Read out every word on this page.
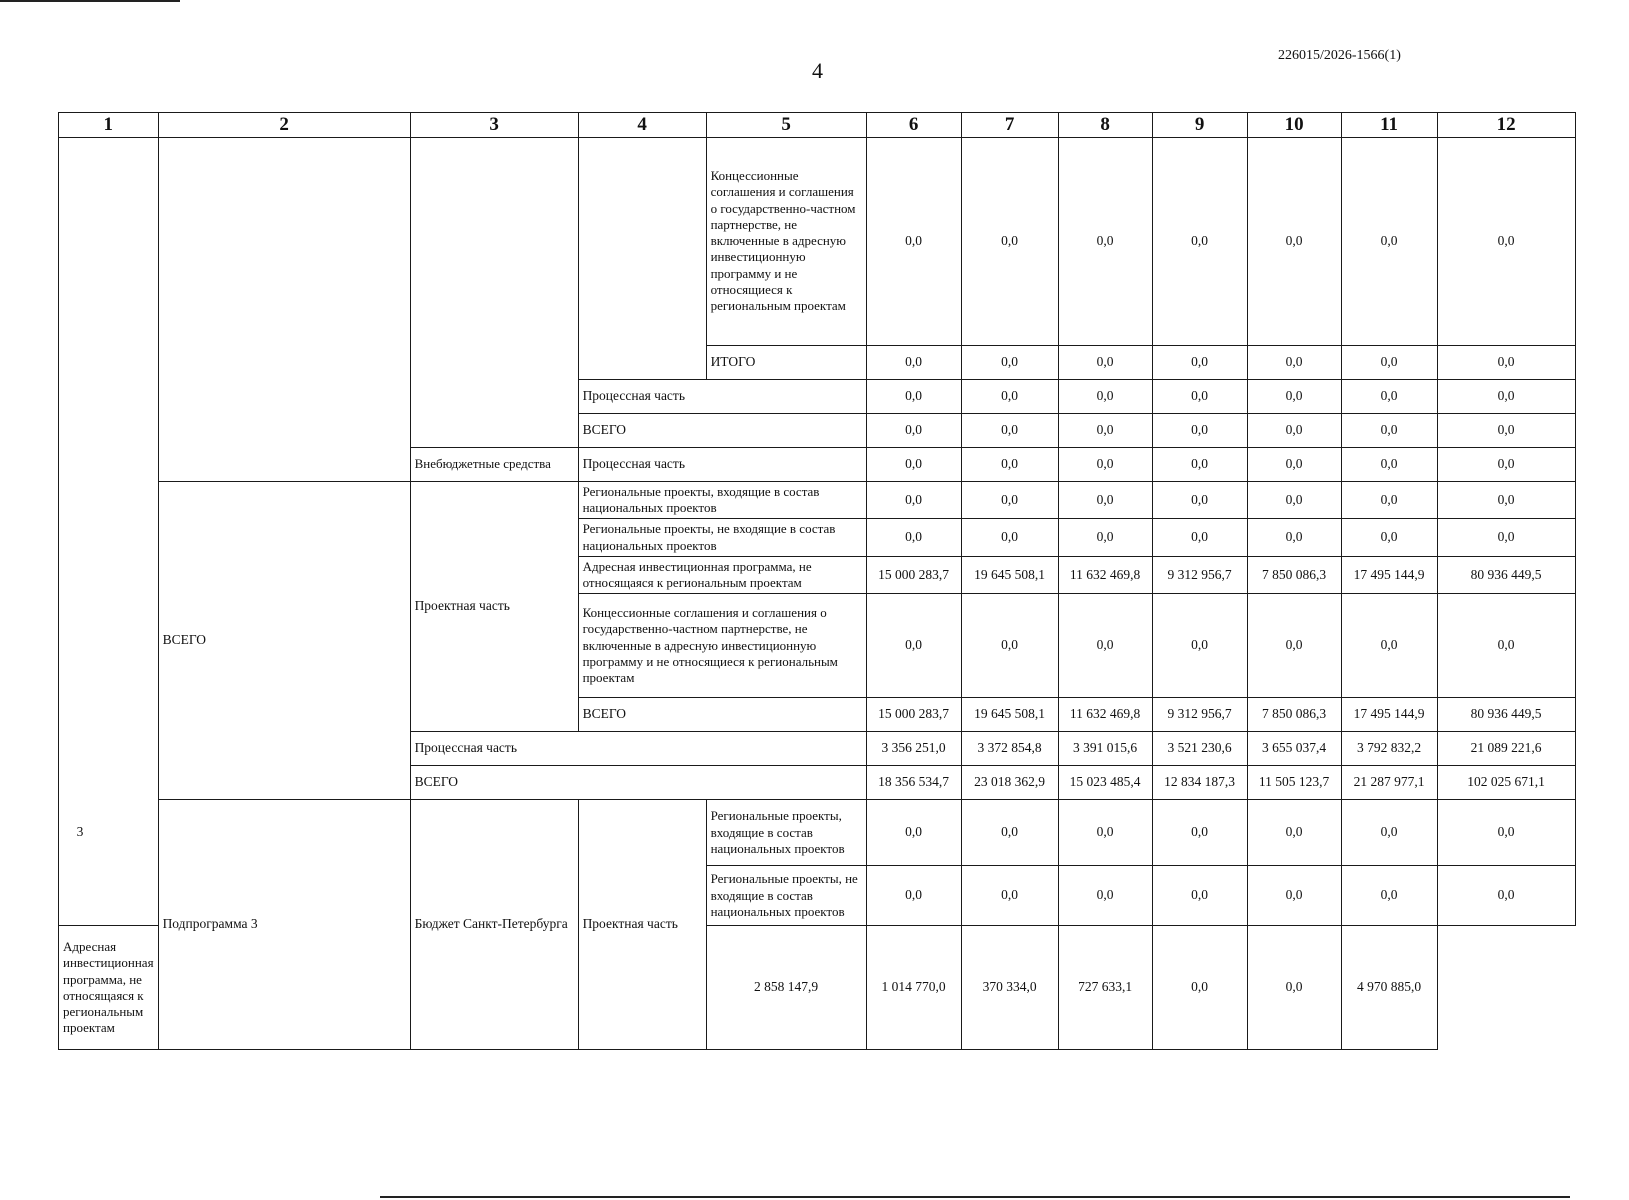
4
226015/2026-1566(1)
1	2	3	4	5	6	7	8	9	10	11	12
				Концессионные соглашения и соглашения о государственно-частном партнерстве, не включенные в адресную инвестиционную программу и не относящиеся к региональным проектам	0,0	0,0	0,0	0,0	0,0	0,0	0,0
				ИТОГО	0,0	0,0	0,0	0,0	0,0	0,0	0,0
			Процессная часть		0,0	0,0	0,0	0,0	0,0	0,0	0,0
			ВСЕГО		0,0	0,0	0,0	0,0	0,0	0,0	0,0
		Внебюджетные средства	Процессная часть		0,0	0,0	0,0	0,0	0,0	0,0	0,0
	ВСЕГО	Проектная часть	Региональные проекты, входящие в состав национальных проектов		0,0	0,0	0,0	0,0	0,0	0,0	0,0
			Региональные проекты, не входящие в состав национальных проектов		0,0	0,0	0,0	0,0	0,0	0,0	0,0
			Адресная инвестиционная программа, не относящаяся к региональным проектам		15 000 283,7	19 645 508,1	11 632 469,8	9 312 956,7	7 850 086,3	17 495 144,9	80 936 449,5
			Концессионные соглашения и соглашения о государственно-частном партнерстве, не включенные в адресную инвестиционную программу и не относящиеся к региональным проектам		0,0	0,0	0,0	0,0	0,0	0,0	0,0
			ВСЕГО		15 000 283,7	19 645 508,1	11 632 469,8	9 312 956,7	7 850 086,3	17 495 144,9	80 936 449,5
		Процессная часть			3 356 251,0	3 372 854,8	3 391 015,6	3 521 230,6	3 655 037,4	3 792 832,2	21 089 221,6
		ВСЕГО			18 356 534,7	23 018 362,9	15 023 485,4	12 834 187,3	11 505 123,7	21 287 977,1	102 025 671,1
	Подпрограмма 3	Бюджет Санкт-Петербурга	Проектная часть	Региональные проекты, входящие в состав национальных проектов	0,0	0,0	0,0	0,0	0,0	0,0	0,0
				Региональные проекты, не входящие в состав национальных проектов	0,0	0,0	0,0	0,0	0,0	0,0	0,0
Адресная инвестиционная программа, не относящаяся к региональным проектам				2 858 147,9	1 014 770,0	370 334,0	727 633,1	0,0	0,0	4 970 885,0	
3
